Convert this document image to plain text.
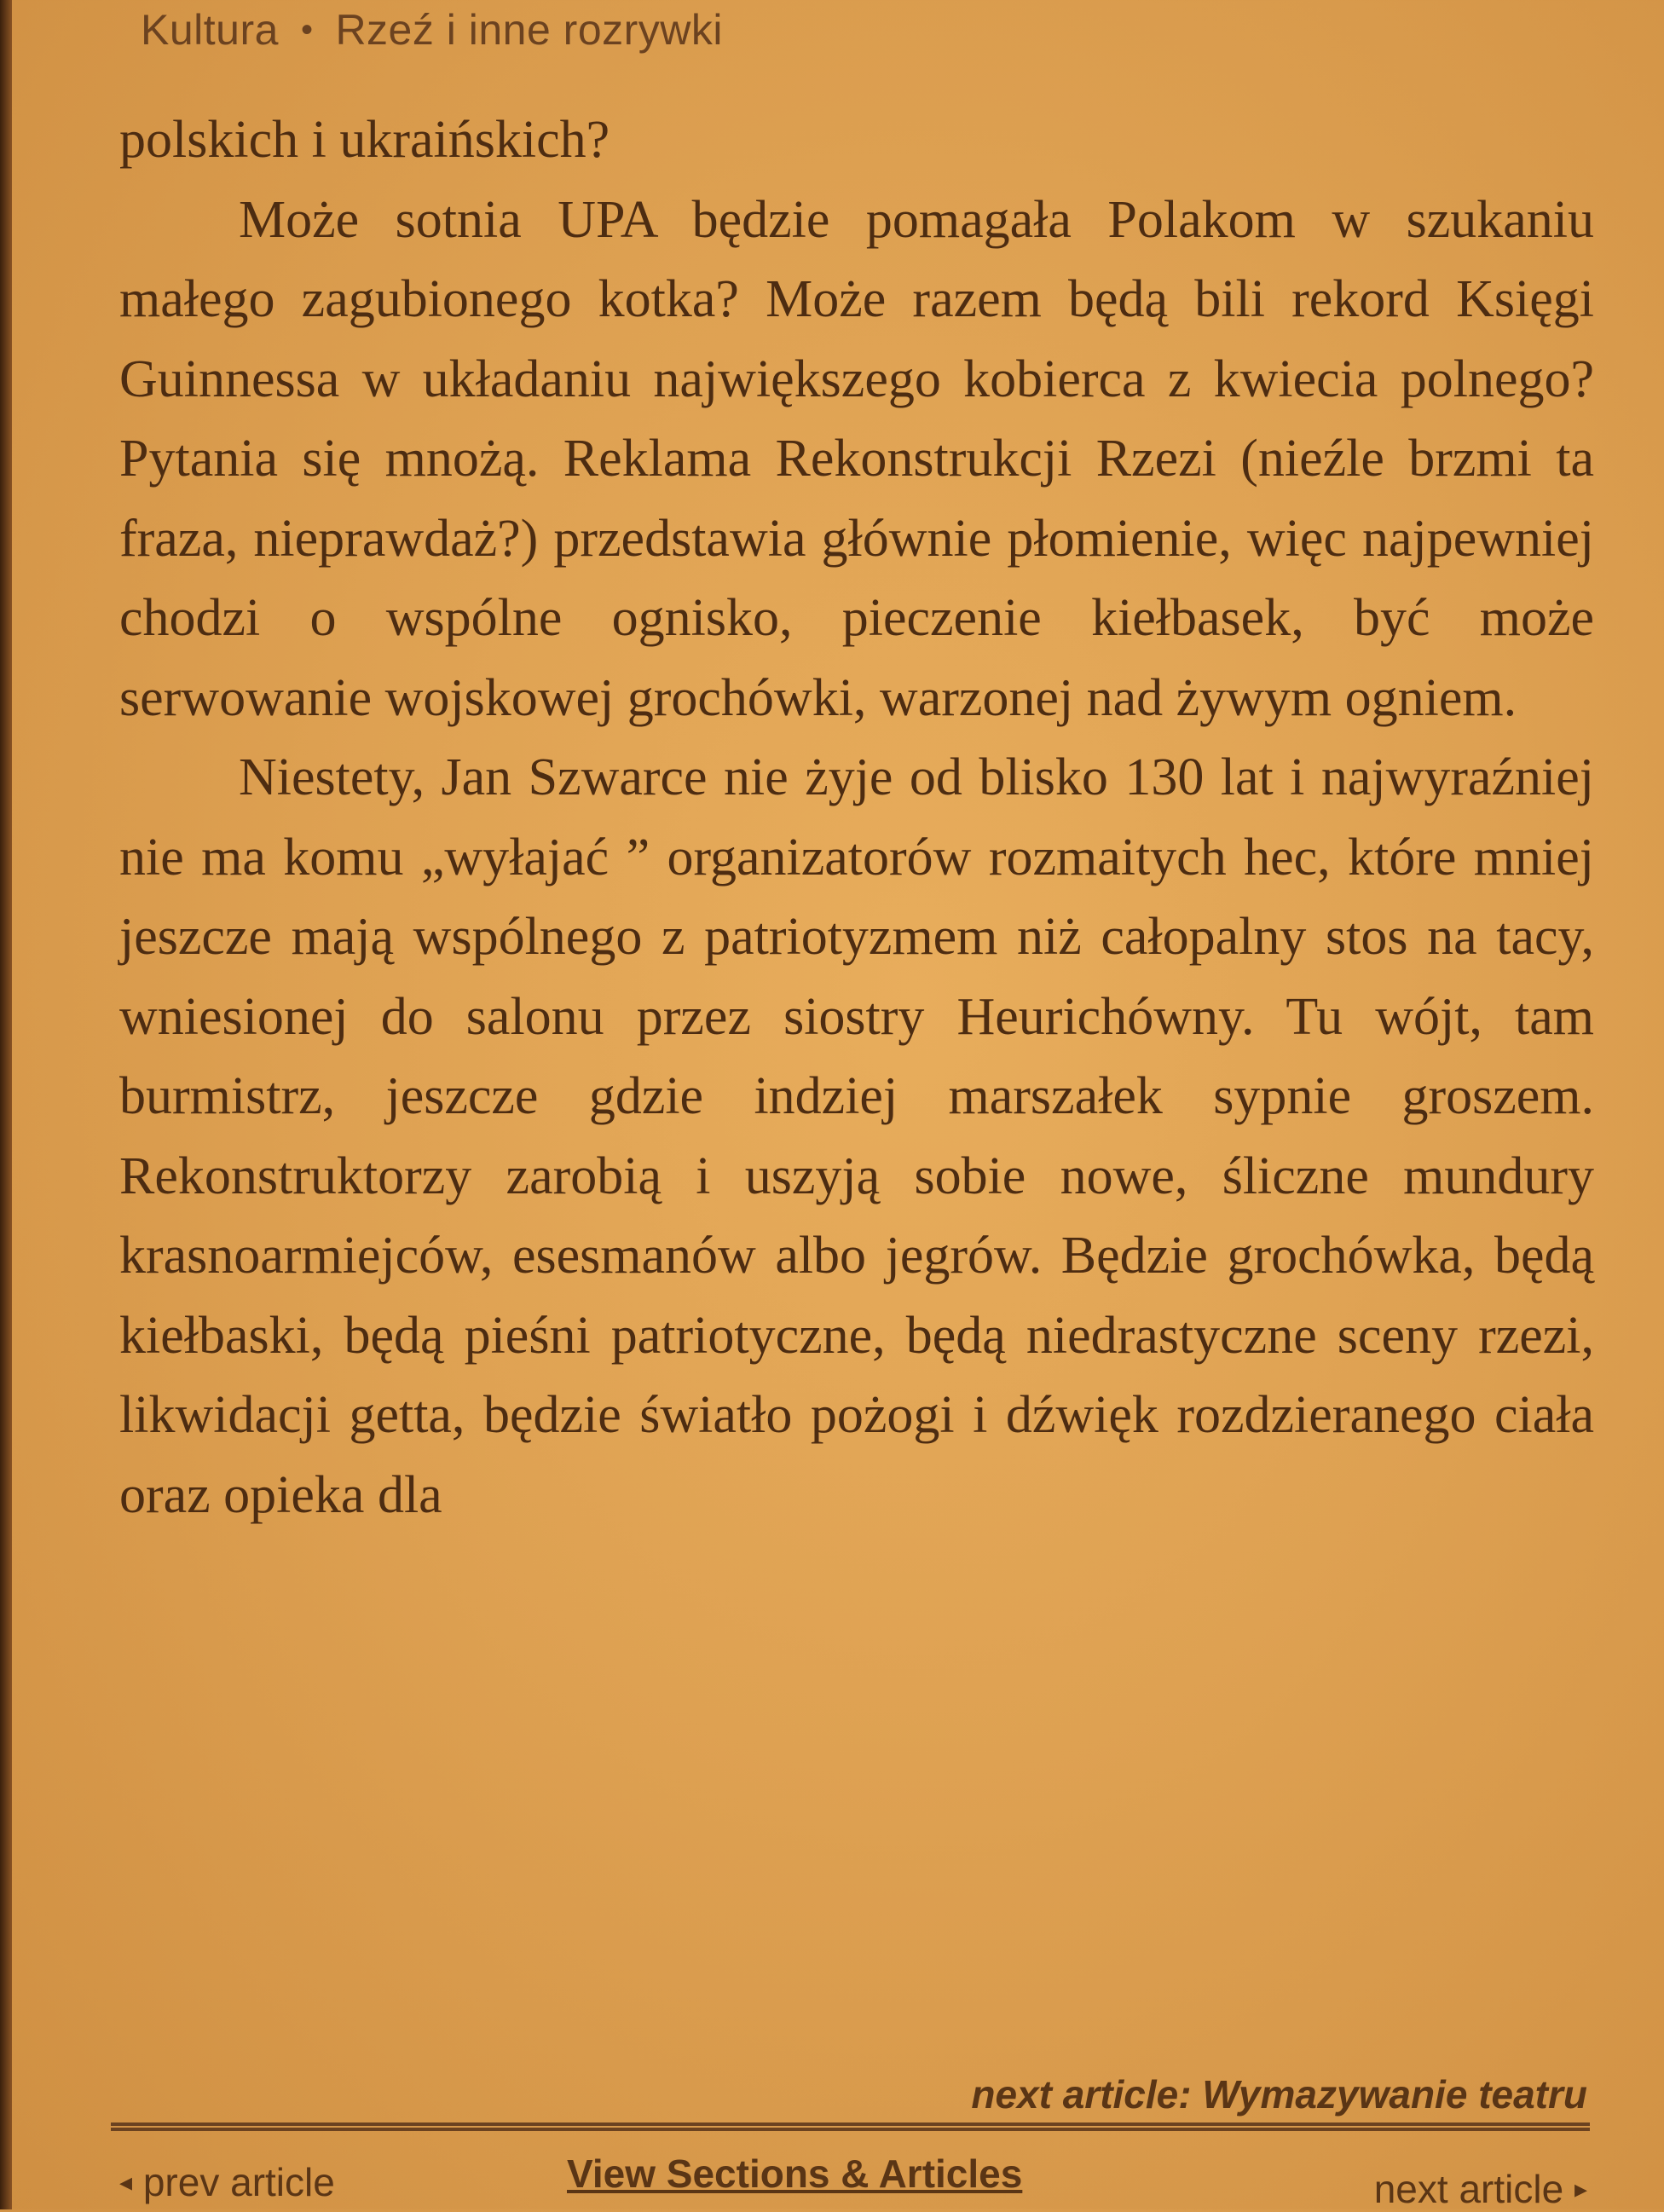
Kultura • Rzeź i inne rozrywki

polskich i ukraińskich?

Może sotnia UPA będzie pomagała Polakom w szukaniu małego zagubionego kotka? Może razem będą bili rekord Księgi Guinnessa w układaniu największego kobierca z kwiecia polnego? Pytania się mnożą. Reklama Rekonstrukcji Rzezi (nieźle brzmi ta fraza, nieprawdaż?) przedstawia głównie płomienie, więc najpewniej chodzi o wspólne ognisko, pieczenie kiełbasek, być może serwowanie wojskowej grochówki, warzonej nad żywym ogniem.

Niestety, Jan Szwarce nie żyje od blisko 130 lat i najwyraźniej nie ma komu „wyłajać ” organizatorów rozmaitych hec, które mniej jeszcze mają wspólnego z patriotyzmem niż całopalny stos na tacy, wniesionej do salonu przez siostry Heurichówny. Tu wójt, tam burmistrz, jeszcze gdzie indziej marszałek sypnie groszem. Rekonstruktorzy zarobią i uszyją sobie nowe, śliczne mundury krasnoarmiejców, esesmanów albo jegrów. Będzie grochówka, będą kiełbaski, będą pieśni patriotyczne, będą niedrastyczne sceny rzezi, likwidacji getta, będzie światło pożogi i dźwięk rozdzieranego ciała oraz opieka dla

next article: Wymazywanie teatru
◂ prev article	View Sections & Articles	next article ▸
